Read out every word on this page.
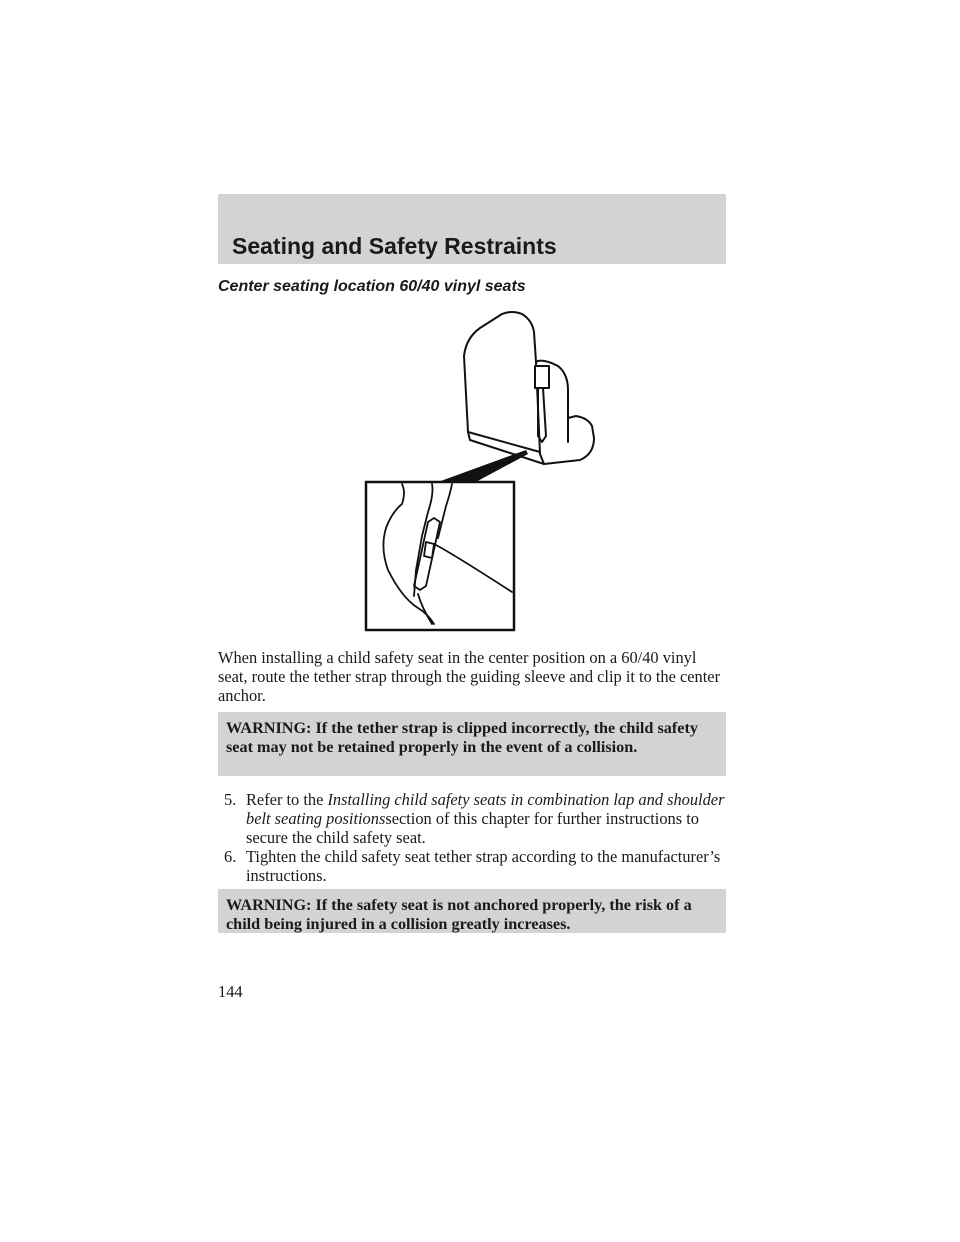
Seating and Safety Restraints
Center seating location 60/40 vinyl seats

When installing a child safety seat in the center position on a 60/40 vinyl seat, route the tether strap through the guiding sleeve and clip it to the center anchor.

WARNING: If the tether strap is clipped incorrectly, the child safety seat may not be retained properly in the event of a collision.

5. Refer to the Installing child safety seats in combination lap and shoulder belt seating positionssection of this chapter for further instructions to secure the child safety seat.
6. Tighten the child safety seat tether strap according to the manufacturer’s instructions.

WARNING: If the safety seat is not anchored properly, the risk of a child being injured in a collision greatly increases.

144
